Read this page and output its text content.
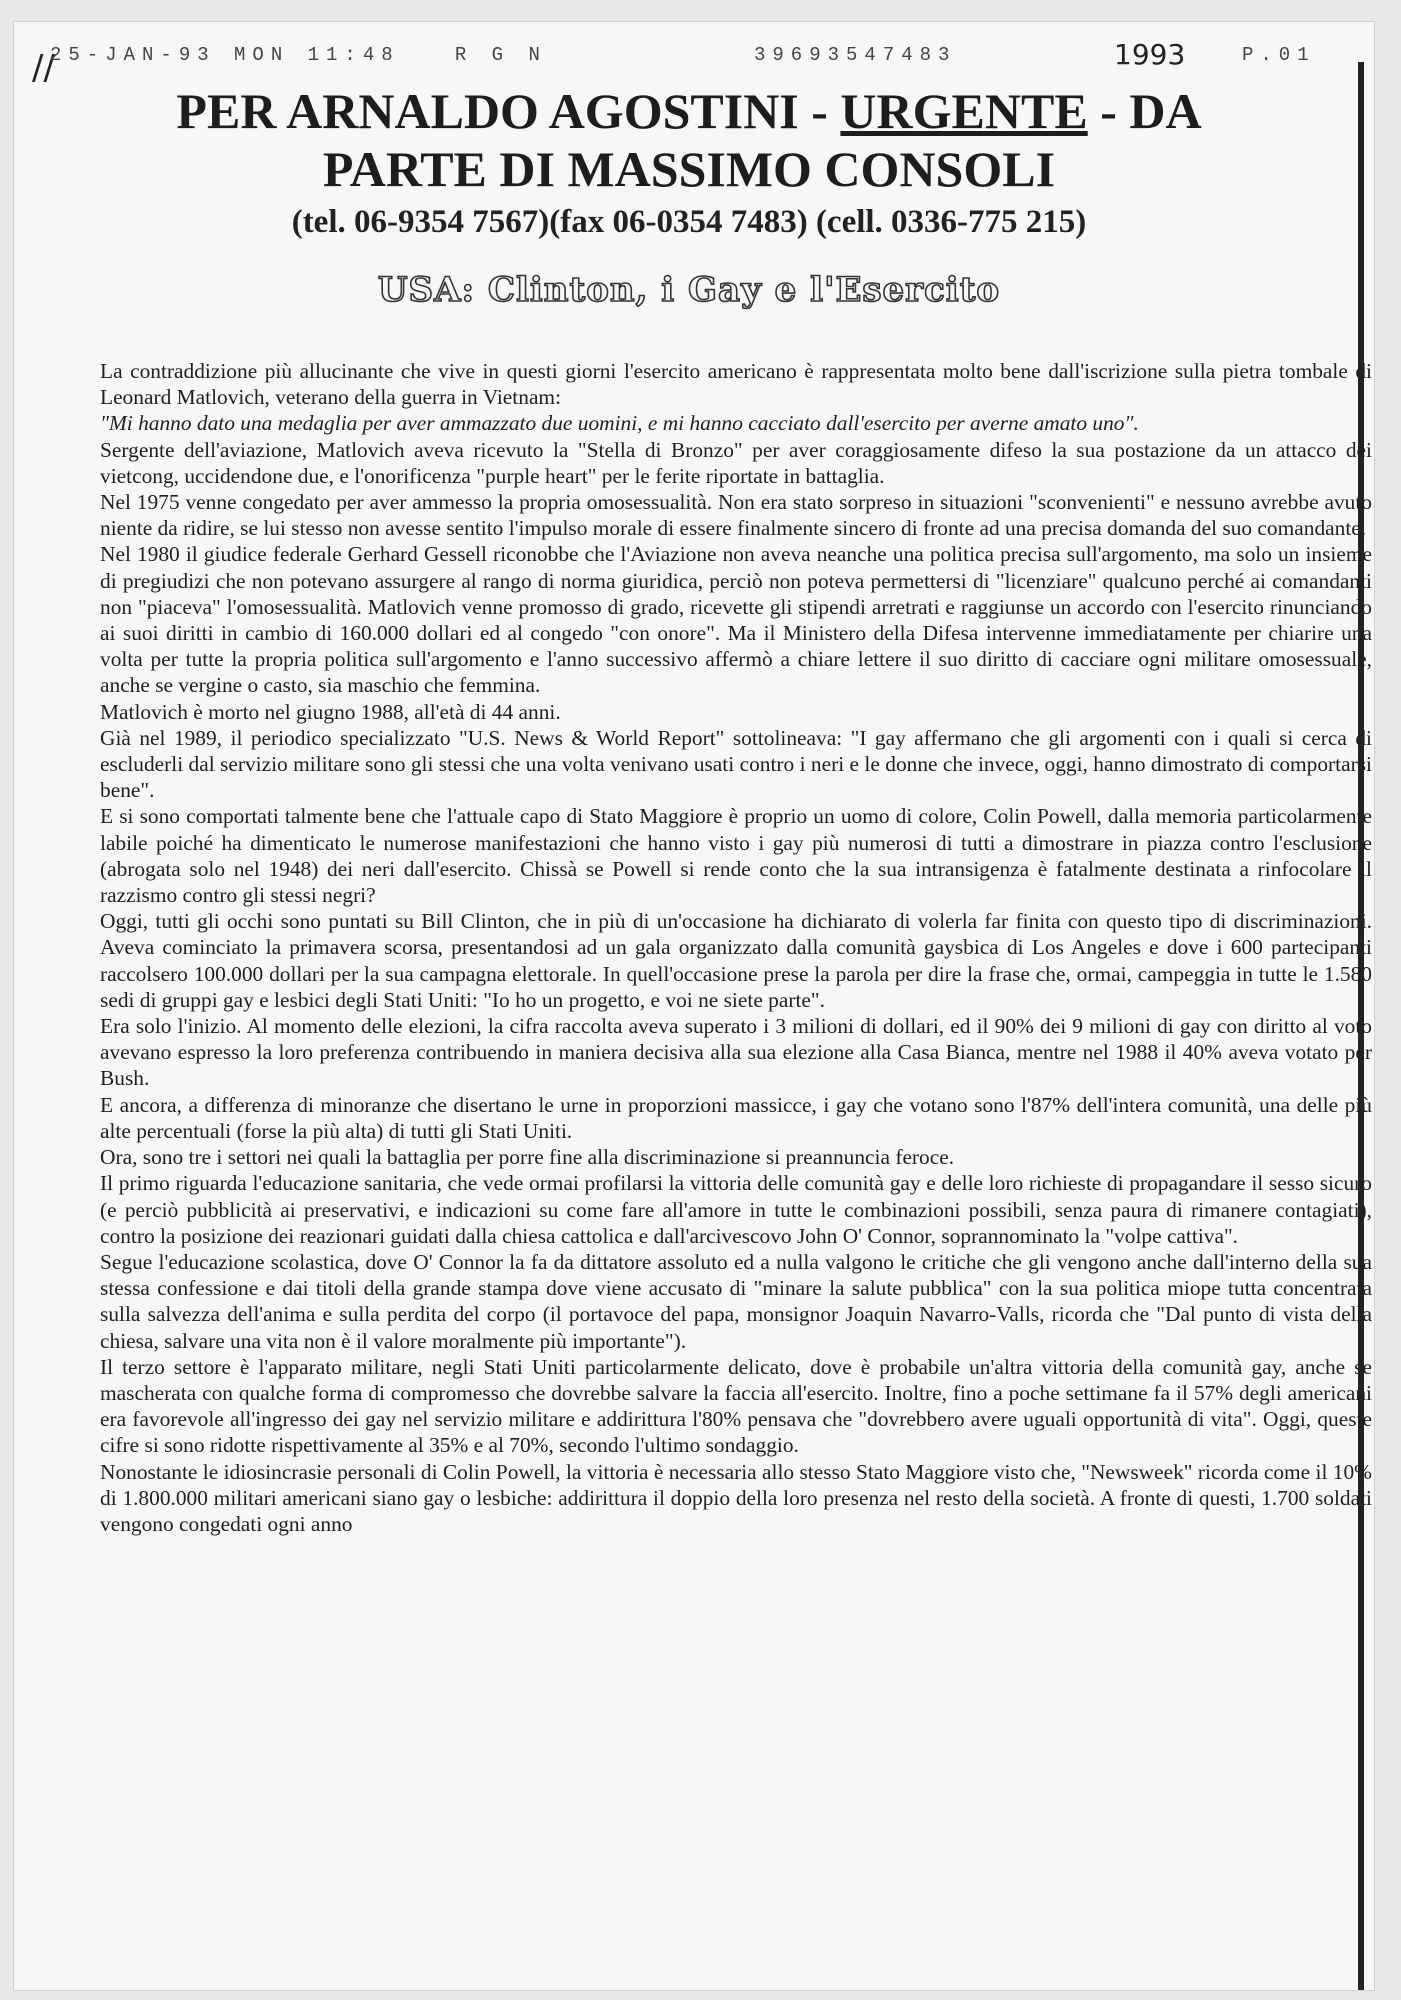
//
25-JAN-93 MON 11:48	R G N	39693547483	1993	P.01
PER ARNALDO AGOSTINI - URGENTE - DA
PARTE DI MASSIMO CONSOLI
(tel. 06-9354 7567)(fax 06-0354 7483) (cell. 0336-775 215)
USA: Clinton, i Gay e l'Esercito

La contraddizione più allucinante che vive in questi giorni l'esercito americano è rappresentata molto bene dall'iscrizione sulla pietra tombale di Leonard Matlovich, veterano della guerra in Vietnam:

"Mi hanno dato una medaglia per aver ammazzato due uomini, e mi hanno cacciato dall'esercito per averne amato uno".

Sergente dell'aviazione, Matlovich aveva ricevuto la "Stella di Bronzo" per aver coraggiosamente difeso la sua postazione da un attacco dei vietcong, uccidendone due, e l'onorificenza "purple heart" per le ferite riportate in battaglia.

Nel 1975 venne congedato per aver ammesso la propria omosessualità. Non era stato sorpreso in situazioni "sconvenienti" e nessuno avrebbe avuto niente da ridire, se lui stesso non avesse sentito l'impulso morale di essere finalmente sincero di fronte ad una precisa domanda del suo comandante.

Nel 1980 il giudice federale Gerhard Gessell riconobbe che l'Aviazione non aveva neanche una politica precisa sull'argomento, ma solo un insieme di pregiudizi che non potevano assurgere al rango di norma giuridica, perciò non poteva permettersi di "licenziare" qualcuno perché ai comandanti non "piaceva" l'omosessualità. Matlovich venne promosso di grado, ricevette gli stipendi arretrati e raggiunse un accordo con l'esercito rinunciando ai suoi diritti in cambio di 160.000 dollari ed al congedo "con onore". Ma il Ministero della Difesa intervenne immediatamente per chiarire una volta per tutte la propria politica sull'argomento e l'anno successivo affermò a chiare lettere il suo diritto di cacciare ogni militare omosessuale, anche se vergine o casto, sia maschio che femmina.

Matlovich è morto nel giugno 1988, all'età di 44 anni.

Già nel 1989, il periodico specializzato "U.S. News & World Report" sottolineava: "I gay affermano che gli argomenti con i quali si cerca di escluderli dal servizio militare sono gli stessi che una volta venivano usati contro i neri e le donne che invece, oggi, hanno dimostrato di comportarsi bene".

E si sono comportati talmente bene che l'attuale capo di Stato Maggiore è proprio un uomo di colore, Colin Powell, dalla memoria particolarmente labile poiché ha dimenticato le numerose manifestazioni che hanno visto i gay più numerosi di tutti a dimostrare in piazza contro l'esclusione (abrogata solo nel 1948) dei neri dall'esercito. Chissà se Powell si rende conto che la sua intransigenza è fatalmente destinata a rinfocolare il razzismo contro gli stessi negri?

Oggi, tutti gli occhi sono puntati su Bill Clinton, che in più di un'occasione ha dichiarato di volerla far finita con questo tipo di discriminazioni. Aveva cominciato la primavera scorsa, presentandosi ad un gala organizzato dalla comunità gaysbica di Los Angeles e dove i 600 partecipanti raccolsero 100.000 dollari per la sua campagna elettorale. In quell'occasione prese la parola per dire la frase che, ormai, campeggia in tutte le 1.580 sedi di gruppi gay e lesbici degli Stati Uniti: "Io ho un progetto, e voi ne siete parte".

Era solo l'inizio. Al momento delle elezioni, la cifra raccolta aveva superato i 3 milioni di dollari, ed il 90% dei 9 milioni di gay con diritto al voto avevano espresso la loro preferenza contribuendo in maniera decisiva alla sua elezione alla Casa Bianca, mentre nel 1988 il 40% aveva votato per Bush.

E ancora, a differenza di minoranze che disertano le urne in proporzioni massicce, i gay che votano sono l'87% dell'intera comunità, una delle più alte percentuali (forse la più alta) di tutti gli Stati Uniti.

Ora, sono tre i settori nei quali la battaglia per porre fine alla discriminazione si preannuncia feroce.

Il primo riguarda l'educazione sanitaria, che vede ormai profilarsi la vittoria delle comunità gay e delle loro richieste di propagandare il sesso sicuro (e perciò pubblicità ai preservativi, e indicazioni su come fare all'amore in tutte le combinazioni possibili, senza paura di rimanere contagiati), contro la posizione dei reazionari guidati dalla chiesa cattolica e dall'arcivescovo John O' Connor, soprannominato la "volpe cattiva".

Segue l'educazione scolastica, dove O' Connor la fa da dittatore assoluto ed a nulla valgono le critiche che gli vengono anche dall'interno della sua stessa confessione e dai titoli della grande stampa dove viene accusato di "minare la salute pubblica" con la sua politica miope tutta concentrata sulla salvezza dell'anima e sulla perdita del corpo (il portavoce del papa, monsignor Joaquin Navarro-Valls, ricorda che "Dal punto di vista della chiesa, salvare una vita non è il valore moralmente più importante").

Il terzo settore è l'apparato militare, negli Stati Uniti particolarmente delicato, dove è probabile un'altra vittoria della comunità gay, anche se mascherata con qualche forma di compromesso che dovrebbe salvare la faccia all'esercito. Inoltre, fino a poche settimane fa il 57% degli americani era favorevole all'ingresso dei gay nel servizio militare e addirittura l'80% pensava che "dovrebbero avere uguali opportunità di vita". Oggi, queste cifre si sono ridotte rispettivamente al 35% e al 70%, secondo l'ultimo sondaggio.

Nonostante le idiosincrasie personali di Colin Powell, la vittoria è necessaria allo stesso Stato Maggiore visto che, "Newsweek" ricorda come il 10% di 1.800.000 militari americani siano gay o lesbiche: addirittura il doppio della loro presenza nel resto della società. A fronte di questi, 1.700 soldati vengono congedati ogni anno
